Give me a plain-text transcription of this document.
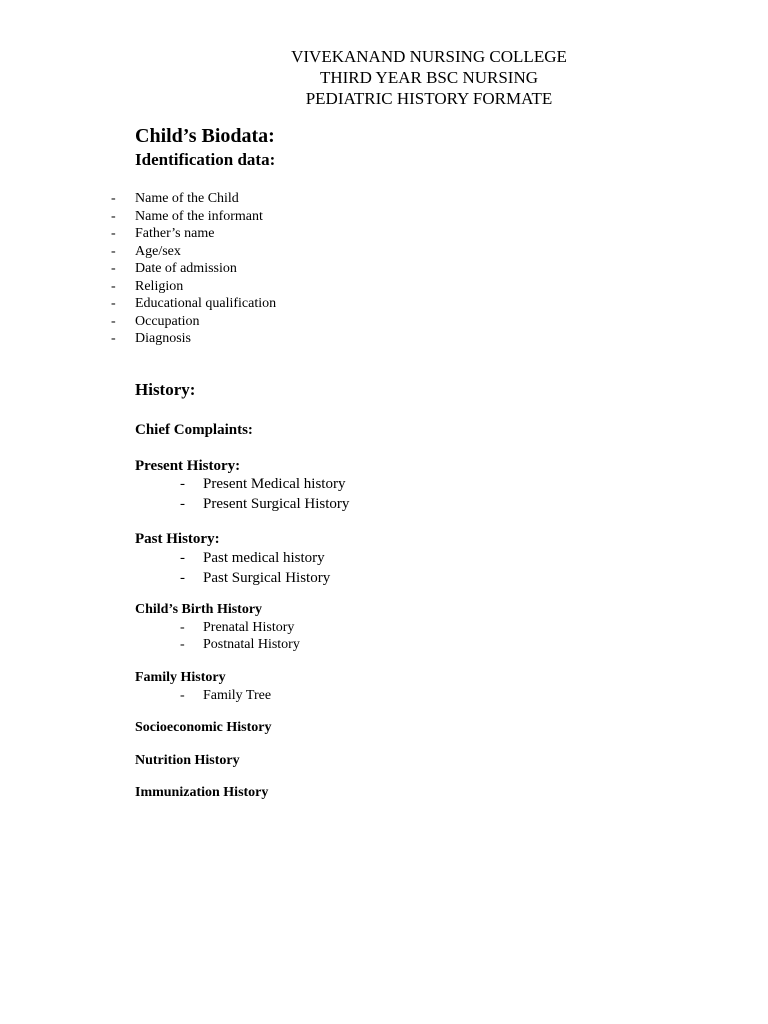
VIVEKANAND NURSING COLLEGE
THIRD YEAR BSC NURSING
PEDIATRIC HISTORY FORMATE
Child’s Biodata:
Identification data:
-	Name of the Child
-	Name of the informant
-	Father’s name
-	Age/sex
-	Date of admission
-	Religion
-	Educational qualification
-	Occupation
-	Diagnosis
History:
Chief Complaints:
Present History:
- Present Medical history
- Present Surgical History
Past History:
- Past medical history
- Past Surgical History
Child’s Birth History
- Prenatal History
- Postnatal History
Family History
- Family Tree
Socioeconomic History
Nutrition History
Immunization History
